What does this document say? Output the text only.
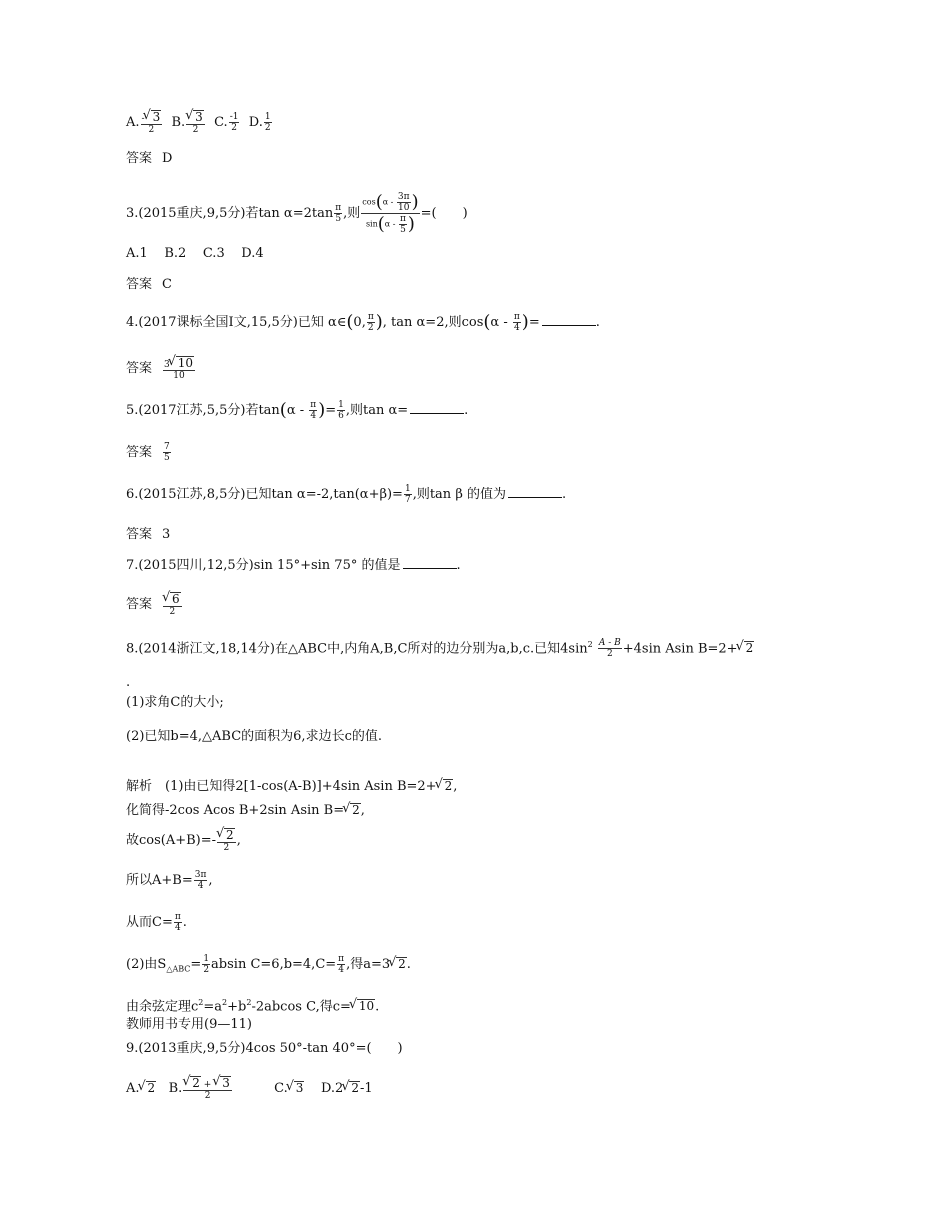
A. $\frac{- √ 3}{2} B$. √ $\frac{3}{2} C$. $\frac{-1}{2} D$. $\frac{1}{2}$
答案 D
3.(2015重庆,9,5分)若$\tan \alpha=2\tan \frac{\pi}{5}$ ,则 $\frac{\cos(\alpha - \frac{3\pi}{10} )}{\sin(\alpha - \frac{\pi}{5} )}$ =(　　)
A.1 B.2 C.3 D.4
答案 C
4.(2017课标全国Ⅰ文,15,5分)已知 α∈(0, $\frac{\pi}{2}$ ), tan α=2,则$\cos(\alpha - \frac{\pi}{4}$ )=	.
答案 $\frac{3 √ 10}{10}$
5.(2017江苏,5,5分)若$\tan(\alpha - \frac{\pi}{4}$ )= $\frac{1}{6}$ ,则tan α=	.
答案 $\frac{7}{5}$
6.(2015江苏,8,5分)已知$\tan \alpha=-2,\tan(\alpha+\beta)= \frac{1}{7}$ ,则tan β 的值为	.
答案 3
7.(2015四川,12,5分)sin 15°+sin 75° 的值是	.
答案 √ $\frac{6}{2}$
8.(2014浙江文,18,14分)在△ABC中,内角A,B,C所对的边分别为a,b,c.已知$4\sin^2 \frac{A - B}{2} +4\sin$ Asin B=2+ √ 2
.
(1)求角C的大小;
(2)已知b=4,△ABC的面积为6,求边长c的值.
解析　(1)由已知得2[1-cos(A-B)]+4sin Asin B=2+ √ 2,
化简得-2cos Acos B+2sin Asin B= √ 2,
故cos(A+B)=- √ $\frac{2}{2}$ ,
所以$A+B= \frac{3\pi}{4}$ ,
从而$C= \frac{\pi}{4}$ .
(2)由$S_{\triangle ABC}= \frac{1}{2}$ absin $C=6,b=4,C= \frac{\pi}{4}$ ,得a=3 √ 2.
由余弦定理$c^2=a^2+b^2-2abcos$ C,得c= √ 10.
教师用书专用(9—11)
9.(2013重庆,9,5分)4cos 50°-tan 40°=(　　)
A. √ 2 B. √ $\frac{2 + √ 3}{2}$	C. √ 3 D.2 √ 2-1
